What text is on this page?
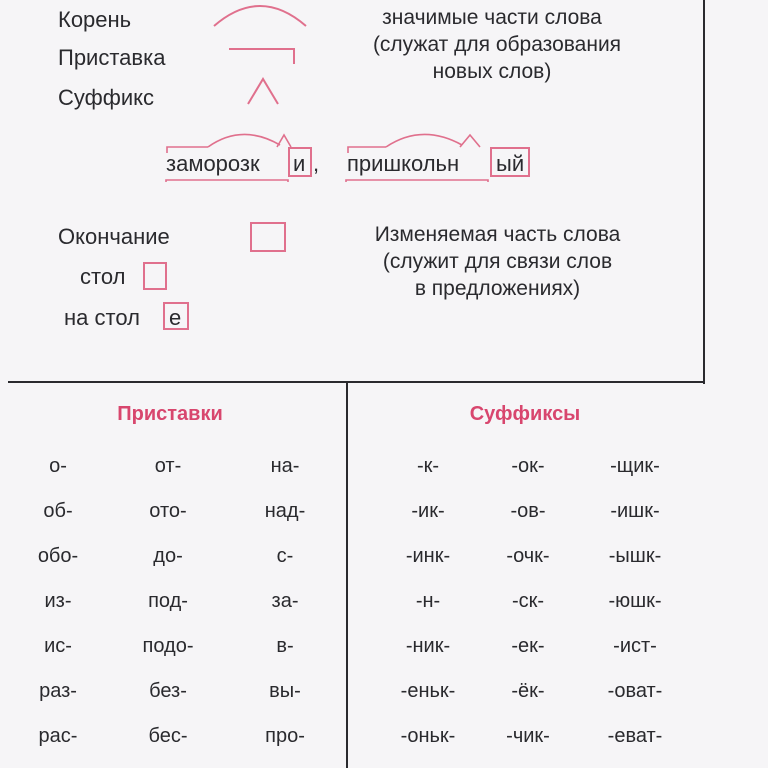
Корень
Приставка
Суффикс
значимые части слова
(служат для образования
новых слов)
заморозк и , пришкольн ый
Окончание	Изменяемая часть слова
(служит для связи слов
в предложениях)
стол
на стол е
Приставки	Суффиксы
о-
об-
обо-
из-
ис-
раз-
рас-
от-
ото-
до-
под-
подо-
без-
бес-
на-
над-
с-
за-
в-
вы-
про-
-к-
-ик-
-инк-
-н-
-ник-
-еньк-
-оньк-
-ок-
-ов-
-очк-
-ск-
-ек-
-ёк-
-чик-
-щик-
-ишк-
-ышк-
-юшк-
-ист-
-оват-
-еват-
